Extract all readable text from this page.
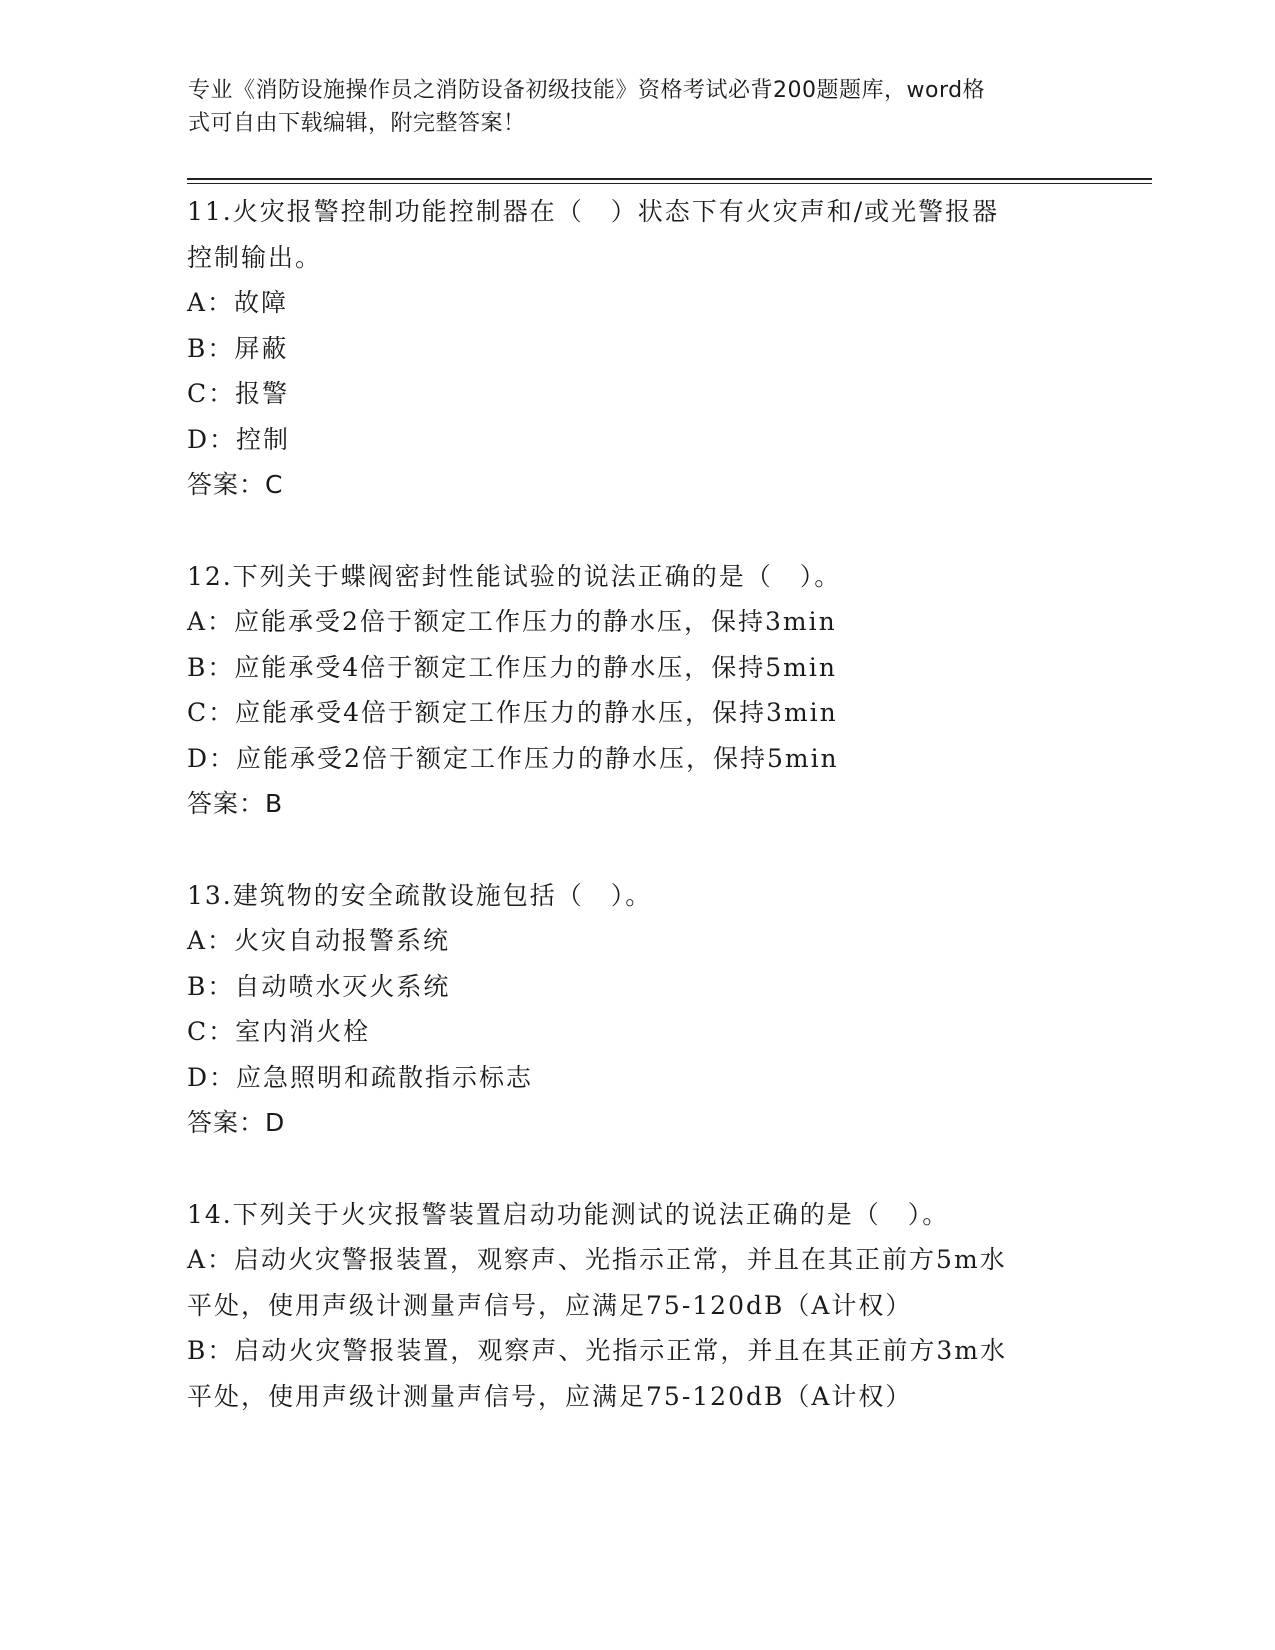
专业《消防设施操作员之消防设备初级技能》资格考试必背200题题库，word格
式可自由下载编辑，附完整答案！
11.火灾报警控制功能控制器在（　）状态下有火灾声和/或光警报器
控制输出。
A：故障
B：屏蔽
C：报警
D：控制
答案：C
12.下列关于蝶阀密封性能试验的说法正确的是（　）。
A：应能承受2倍于额定工作压力的静水压，保持3min
B：应能承受4倍于额定工作压力的静水压，保持5min
C：应能承受4倍于额定工作压力的静水压，保持3min
D：应能承受2倍于额定工作压力的静水压，保持5min
答案：B
13.建筑物的安全疏散设施包括（　）。
A：火灾自动报警系统
B：自动喷水灭火系统
C：室内消火栓
D：应急照明和疏散指示标志
答案：D
14.下列关于火灾报警装置启动功能测试的说法正确的是（　）。
A：启动火灾警报装置，观察声、光指示正常，并且在其正前方5m水
平处，使用声级计测量声信号，应满足75-120dB（A计权）
B：启动火灾警报装置，观察声、光指示正常，并且在其正前方3m水
平处，使用声级计测量声信号，应满足75-120dB（A计权）
